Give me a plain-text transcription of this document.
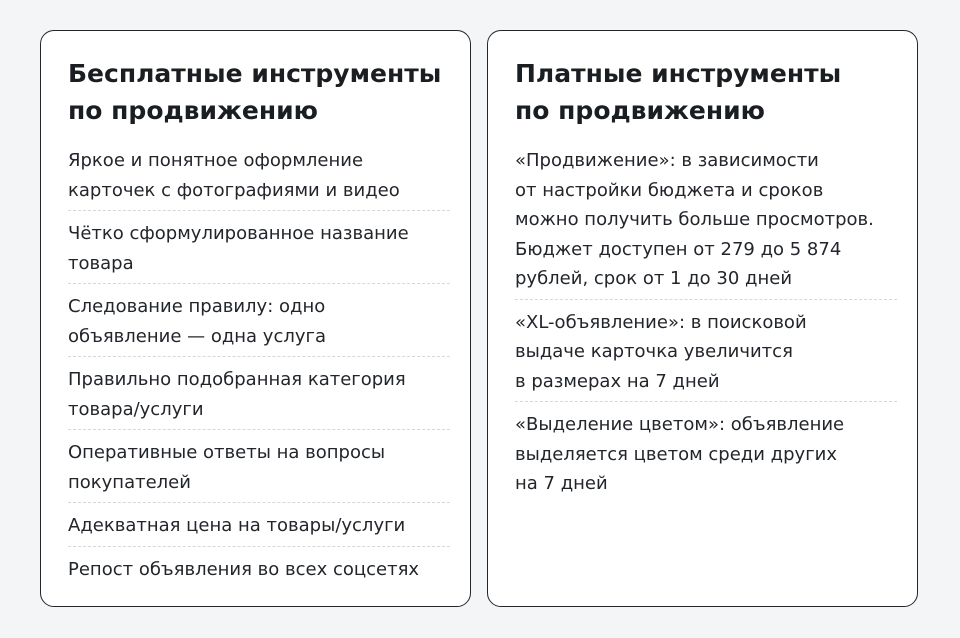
Бесплатные инструменты
по продвижению
Яркое и понятное оформление
карточек с фотографиями и видео
Чётко сформулированное название
товара
Следование правилу: одно
объявление — одна услуга
Правильно подобранная категория
товара/услуги
Оперативные ответы на вопросы
покупателей
Адекватная цена на товары/услуги
Репост объявления во всех соцсетях
Платные инструменты
по продвижению
«Продвижение»: в зависимости
от настройки бюджета и сроков
можно получить больше просмотров.
Бюджет доступен от 279 до 5 874
рублей, срок от 1 до 30 дней
«XL-объявление»: в поисковой
выдаче карточка увеличится
в размерах на 7 дней
«Выделение цветом»: объявление
выделяется цветом среди других
на 7 дней
